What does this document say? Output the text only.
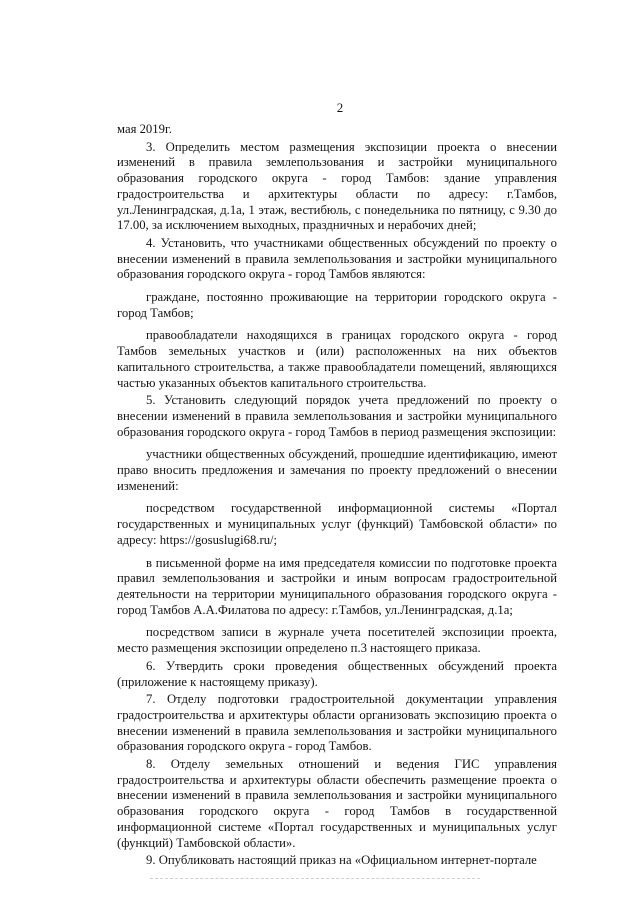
2

мая 2019г.

3. Определить местом размещения экспозиции проекта о внесении изменений в правила землепользования и застройки муниципального образования городского округа - город Тамбов: здание управления градостроительства и архитектуры области по адресу: г.Тамбов, ул.Ленинградская, д.1а, 1 этаж, вестибюль, с понедельника по пятницу, с 9.30 до 17.00, за исключением выходных, праздничных и нерабочих дней;

4. Установить, что участниками общественных обсуждений по проекту о внесении изменений в правила землепользования и застройки муниципального образования городского округа - город Тамбов являются:

граждане, постоянно проживающие на территории городского округа - город Тамбов;

правообладатели находящихся в границах городского округа - город Тамбов земельных участков и (или) расположенных на них объектов капитального строительства, а также правообладатели помещений, являющихся частью указанных объектов капитального строительства.

5. Установить следующий порядок учета предложений по проекту о внесении изменений в правила землепользования и застройки муниципального образования городского округа - город Тамбов в период размещения экспозиции:

участники общественных обсуждений, прошедшие идентификацию, имеют право вносить предложения и замечания по проекту предложений о внесении изменений:

посредством государственной информационной системы «Портал государственных и муниципальных услуг (функций) Тамбовской области» по адресу: https://gosuslugi68.ru/;

в письменной форме на имя председателя комиссии по подготовке проекта правил землепользования и застройки и иным вопросам градостроительной деятельности на территории муниципального образования городского округа - город Тамбов А.А.Филатова по адресу: г.Тамбов, ул.Ленинградская, д.1а;

посредством записи в журнале учета посетителей экспозиции проекта, место размещения экспозиции определено п.3 настоящего приказа.

6. Утвердить сроки проведения общественных обсуждений проекта (приложение к настоящему приказу).

7. Отделу подготовки градостроительной документации управления градостроительства и архитектуры области организовать экспозицию проекта о внесении изменений в правила землепользования и застройки муниципального образования городского округа - город Тамбов.

8. Отделу земельных отношений и ведения ГИС управления градостроительства и архитектуры области обеспечить размещение проекта о внесении изменений в правила землепользования и застройки муниципального образования городского округа - город Тамбов в государственной информационной системе «Портал государственных и муниципальных услуг (функций) Тамбовской области».

9. Опубликовать настоящий приказ на «Официальном интернет-портале
